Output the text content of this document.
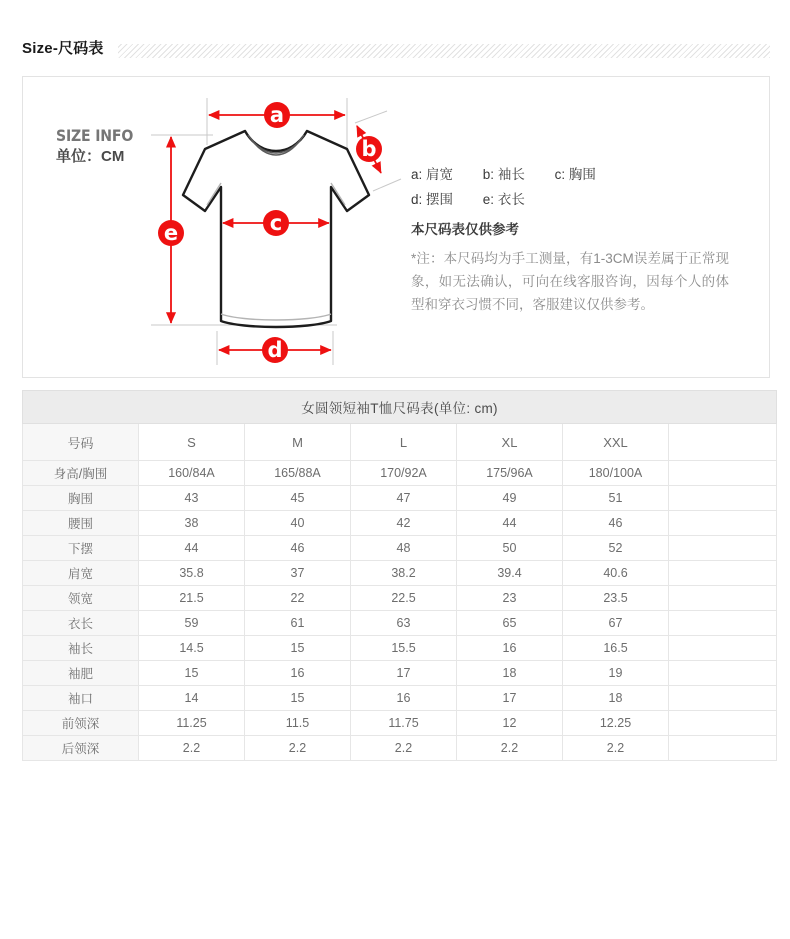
Size-尺码表
SIZE INFO
单位：CM
a
b
c
d
e
a: 肩宽 b: 袖长 c: 胸围
d: 摆围 e: 衣长
本尺码表仅供参考
*注：本尺码均为手工测量，有1-3CM误差属于正常现象，如无法确认，可向在线客服咨询，因每个人的体型和穿衣习惯不同，客服建议仅供参考。
女圆领短袖T恤尺码表(单位: cm)						
号码	S	M	L	XL	XXL	
身高/胸围	160/84A	165/88A	170/92A	175/96A	180/100A	
胸围	43	45	47	49	51	
腰围	38	40	42	44	46	
下摆	44	46	48	50	52	
肩宽	35.8	37	38.2	39.4	40.6	
领宽	21.5	22	22.5	23	23.5	
衣长	59	61	63	65	67	
袖长	14.5	15	15.5	16	16.5	
袖肥	15	16	17	18	19	
袖口	14	15	16	17	18	
前领深	11.25	11.5	11.75	12	12.25	
后领深	2.2	2.2	2.2	2.2	2.2	
